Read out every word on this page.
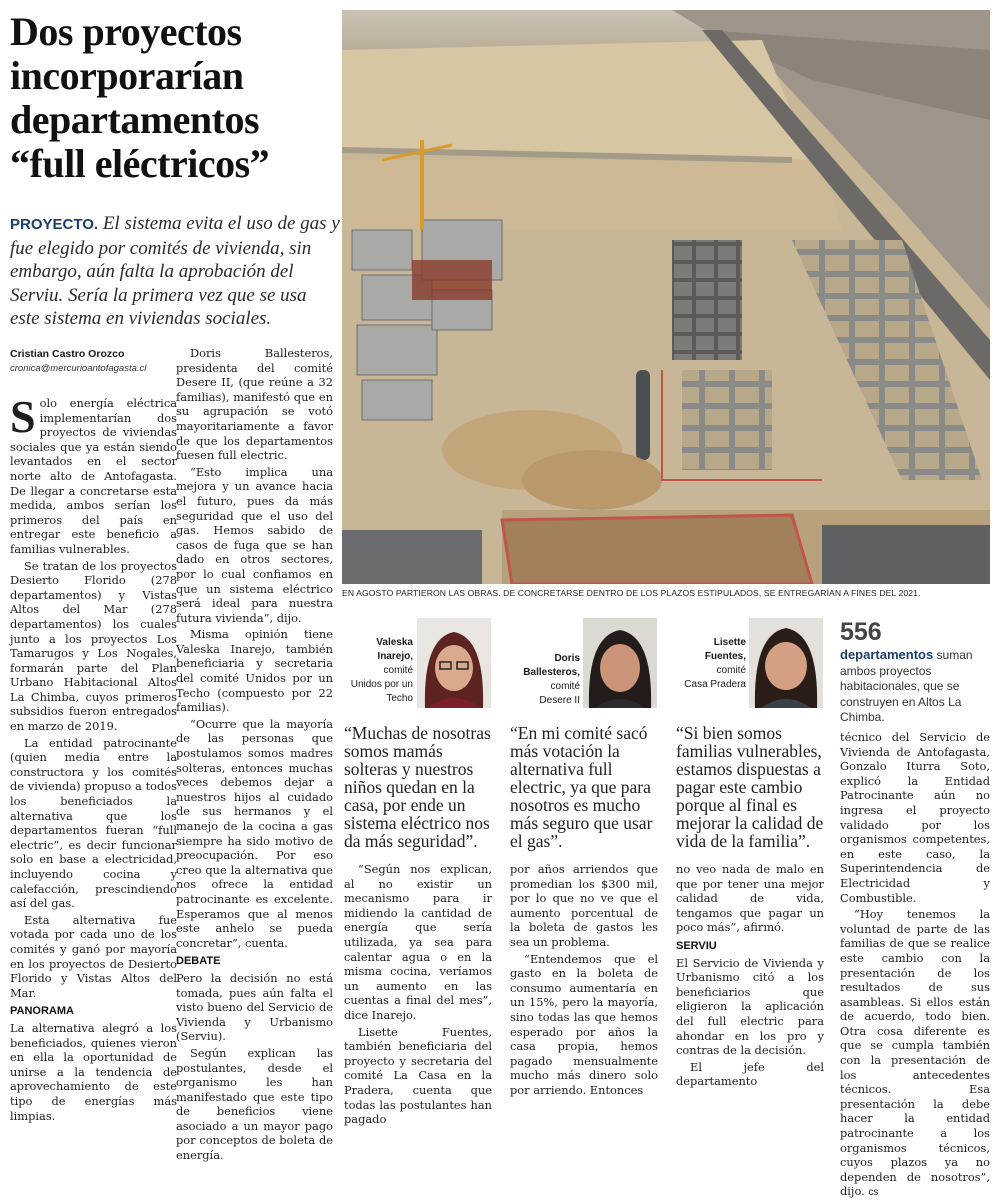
Dos proyectos
incorporarían
departamentos
“full eléctricos”
PROYECTO. El sistema evita el uso de gas y fue elegido por comités de vivienda, sin embargo, aún falta la aprobación del Serviu. Sería la primera vez que se usa este sistema en viviendas sociales.
Cristian Castro Orozco
cronica@mercurioantofagasta.cl

Solo energía eléctrica implementarían dos proyectos de viviendas sociales que ya están siendo levantados en el sector norte alto de Antofagasta. De llegar a concretarse esta medida, ambos serían los primeros del país en entregar este beneficio a familias vulnerables.

Se tratan de los proyectos Desierto Florido (278 departamentos) y Vistas Altos del Mar (278 departamentos) los cuales junto a los proyectos Los Tamarugos y Los Nogales, formarán parte del Plan Urbano Habitacional Altos La Chimba, cuyos primeros subsidios fueron entregados en marzo de 2019.

La entidad patrocinante (quien media entre la constructora y los comités de vivienda) propuso a todos los beneficiados la alternativa que los departamentos fueran “full electric”, es decir funcionar solo en base a electricidad, incluyendo cocina y calefacción, prescindiendo así del gas.

Esta alternativa fue votada por cada uno de los comités y ganó por mayoría en los proyectos de Desierto Florido y Vistas Altos del Mar.

PANORAMA

La alternativa alegró a los beneficiados, quienes vieron en ella la oportunidad de unirse a la tendencia de aprovechamiento de este tipo de energías más limpias.

Doris Ballesteros, presidenta del comité Desere II, (que reúne a 32 familias), manifestó que en su agrupación se votó mayoritariamente a favor de que los departamentos fuesen full electric.

“Esto implica una mejora y un avance hacia el futuro, pues da más seguridad que el uso del gas. Hemos sabido de casos de fuga que se han dado en otros sectores, por lo cual confiamos en que un sistema eléctrico será ideal para nuestra futura vivienda”, dijo.

Misma opinión tiene Valeska Inarejo, también beneficiaria y secretaria del comité Unidos por un Techo (compuesto por 22 familias).

“Ocurre que la mayoría de las personas que postulamos somos madres solteras, entonces muchas veces debemos dejar a nuestros hijos al cuidado de sus hermanos y el manejo de la cocina a gas siempre ha sido motivo de preocupación. Por eso creo que la alternativa que nos ofrece la entidad patrocinante es excelente. Esperamos que al menos este anhelo se pueda concretar”, cuenta.

DEBATE

Pero la decisión no está tomada, pues aún falta el visto bueno del Servicio de Vivienda y Urbanismo (Serviu).

Según explican las postulantes, desde el organismo les han manifestado que este tipo de beneficios viene asociado a un mayor pago por conceptos de boleta de energía.

EN AGOSTO PARTIERON LAS OBRAS. DE CONCRETARSE DENTRO DE LOS PLAZOS ESTIPULADOS, SE ENTREGARÍAN A FINES DEL 2021.
Valeska
Inarejo,
comité
Unidos por un
Techo
“Muchas de nosotras somos mamás solteras y nuestros niños quedan en la casa, por ende un sistema eléctrico nos da más seguridad”.
Doris
Ballesteros,
comité
Desere II
“En mi comité sacó más votación la alternativa full electric, ya que para nosotros es mucho más seguro que usar el gas”.
Lisette
Fuentes,
comité
Casa Pradera
“Si bien somos familias vulnerables, estamos dispuestas a pagar este cambio porque al final es mejorar la calidad de vida de la familia”.
556
departamentos suman ambos proyectos habitacionales, que se construyen en Altos La Chimba.

“Según nos explican, al no existir un mecanismo para ir midiendo la cantidad de energía que sería utilizada, ya sea para calentar agua o en la misma cocina, veríamos un aumento en las cuentas a final del mes”, dice Inarejo.

Lisette Fuentes, también beneficiaria del proyecto y secretaria del comité La Casa en la Pradera, cuenta que todas las postulantes han pagado

por años arriendos que promedian los $300 mil, por lo que no ve que el aumento porcentual de la boleta de gastos les sea un problema.

“Entendemos que el gasto en la boleta de consumo aumentaría en un 15%, pero la mayoría, sino todas las que hemos esperado por años la casa propia, hemos pagado mensualmente mucho más dinero solo por arriendo. Entonces

no veo nada de malo en que por tener una mejor calidad de vida, tengamos que pagar un poco más”, afirmó.

SERVIU

El Servicio de Vivienda y Urbanismo citó a los beneficiarios que eligieron la aplicación del full electric para ahondar en los pro y contras de la decisión.

El jefe del departamento

técnico del Servicio de Vivienda de Antofagasta, Gonzalo Iturra Soto, explicó la Entidad Patrocinante aún no ingresa el proyecto validado por los organismos competentes, en este caso, la Superintendencia de Electricidad y Combustible.

“Hoy tenemos la voluntad de parte de las familias de que se realice este cambio con la presentación de los resultados de sus asambleas. Si ellos están de acuerdo, todo bien. Otra cosa diferente es que se cumpla también con la presentación de los antecedentes técnicos. Esa presentación la debe hacer la entidad patrocinante a los organismos técnicos, cuyos plazos ya no dependen de nosotros”, dijo. cs
